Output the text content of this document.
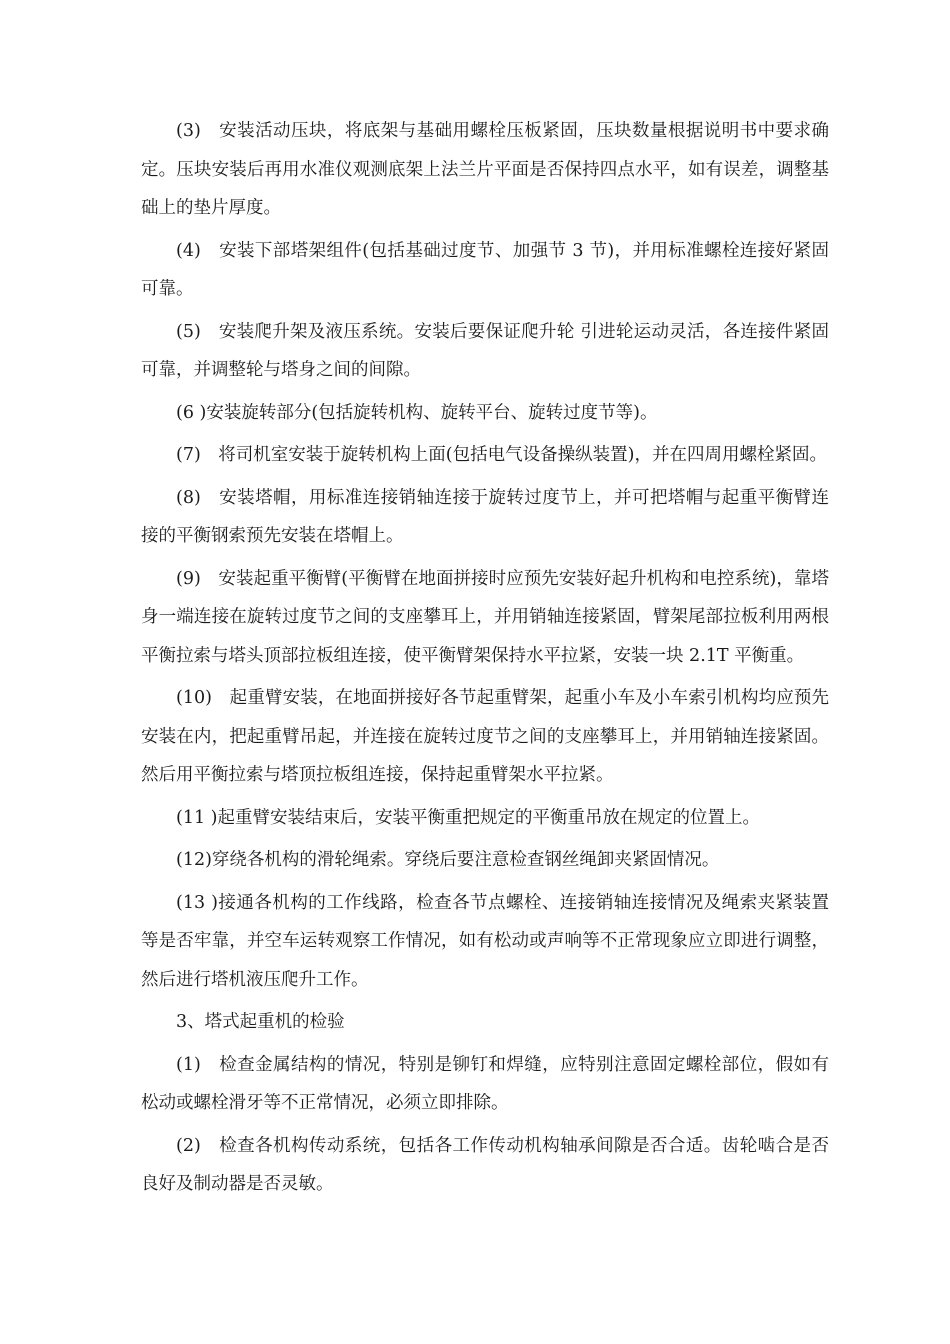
(3)　安装活动压块，将底架与基础用螺栓压板紧固，压块数量根据说明书中要求确定。压块安装后再用水准仪观测底架上法兰片平面是否保持四点水平，如有误差，调整基础上的垫片厚度。

(4)　安装下部塔架组件(包括基础过度节、加强节 3 节)，并用标准螺栓连接好紧固可靠。

(5)　安装爬升架及液压系统。安装后要保证爬升轮 引进轮运动灵活，各连接件紧固可靠，并调整轮与塔身之间的间隙。

(6 )安装旋转部分(包括旋转机构、旋转平台、旋转过度节等)。

(7)　将司机室安装于旋转机构上面(包括电气设备操纵装置)，并在四周用螺栓紧固。

(8)　安装塔帽，用标准连接销轴连接于旋转过度节上，并可把塔帽与起重平衡臂连接的平衡钢索预先安装在塔帽上。

(9)　安装起重平衡臂(平衡臂在地面拼接时应预先安装好起升机构和电控系统)，靠塔身一端连接在旋转过度节之间的支座攀耳上，并用销轴连接紧固，臂架尾部拉板利用两根平衡拉索与塔头顶部拉板组连接，使平衡臂架保持水平拉紧，安装一块 2.1T 平衡重。

(10)　起重臂安装，在地面拼接好各节起重臂架，起重小车及小车索引机构均应预先安装在内，把起重臂吊起，并连接在旋转过度节之间的支座攀耳上，并用销轴连接紧固。然后用平衡拉索与塔顶拉板组连接，保持起重臂架水平拉紧。

(11 )起重臂安装结束后，安装平衡重把规定的平衡重吊放在规定的位置上。

(12)穿绕各机构的滑轮绳索。穿绕后要注意检查钢丝绳卸夹紧固情况。

(13 )接通各机构的工作线路，检查各节点螺栓、连接销轴连接情况及绳索夹紧装置等是否牢靠，并空车运转观察工作情况，如有松动或声响等不正常现象应立即进行调整，然后进行塔机液压爬升工作。

3、塔式起重机的检验

(1)　检查金属结构的情况，特别是铆钉和焊缝，应特别注意固定螺栓部位，假如有松动或螺栓滑牙等不正常情况，必须立即排除。

(2)　检查各机构传动系统，包括各工作传动机构轴承间隙是否合适。齿轮啮合是否良好及制动器是否灵敏。
